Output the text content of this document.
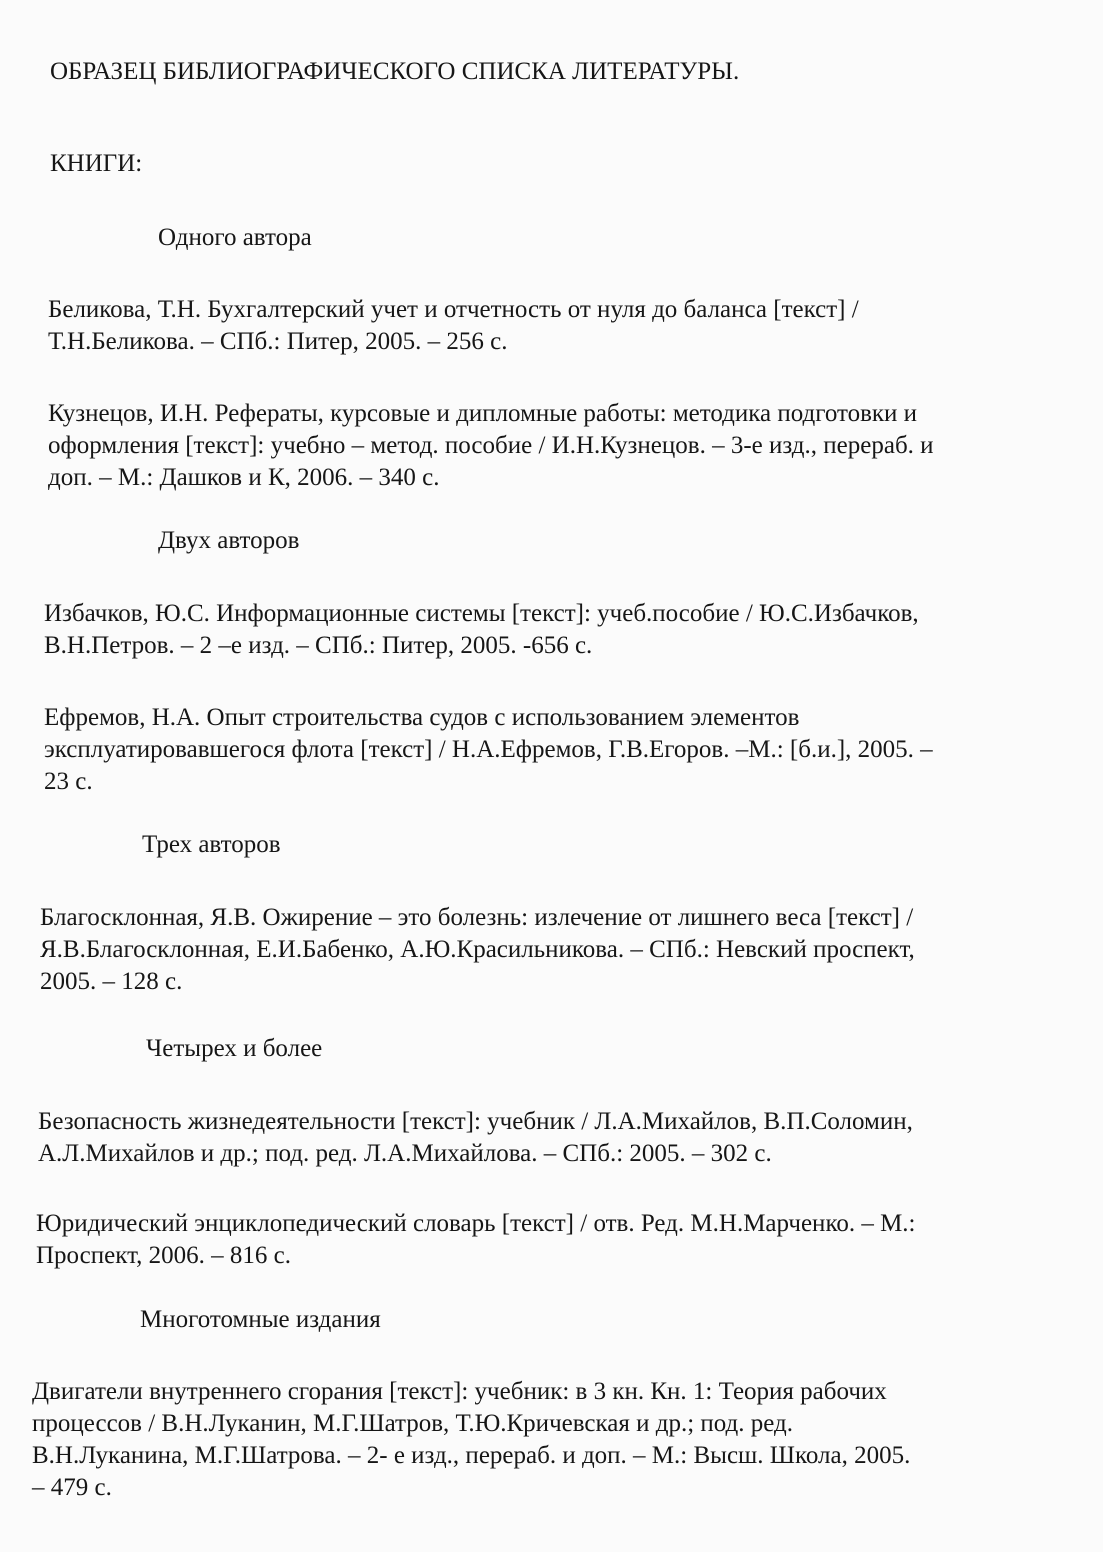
ОБРАЗЕЦ БИБЛИОГРАФИЧЕСКОГО СПИСКА ЛИТЕРАТУРЫ.
КНИГИ:
Одного автора
Беликова, Т.Н. Бухгалтерский учет и отчетность от нуля до баланса [текст] /
Т.Н.Беликова. – СПб.: Питер, 2005. – 256 с.
Кузнецов, И.Н. Рефераты, курсовые и дипломные работы: методика подготовки и
оформления [текст]: учебно – метод. пособие / И.Н.Кузнецов. – 3-е изд., перераб. и
доп. – М.: Дашков и К, 2006. – 340 с.
Двух авторов
Избачков, Ю.С. Информационные системы [текст]: учеб.пособие / Ю.С.Избачков,
В.Н.Петров. – 2 –е изд. – СПб.: Питер, 2005. -656 с.
Ефремов, Н.А. Опыт строительства судов с использованием элементов
эксплуатировавшегося флота [текст] / Н.А.Ефремов, Г.В.Егоров. –М.: [б.и.], 2005. –
23 с.
Трех авторов
Благосклонная, Я.В. Ожирение – это болезнь: излечение от лишнего веса [текст] /
Я.В.Благосклонная, Е.И.Бабенко, А.Ю.Красильникова. – СПб.: Невский проспект,
2005. – 128 с.
Четырех и более
Безопасность жизнедеятельности [текст]: учебник / Л.А.Михайлов, В.П.Соломин,
А.Л.Михайлов и др.; под. ред. Л.А.Михайлова. – СПб.: 2005. – 302 с.
Юридический энциклопедический словарь [текст] / отв. Ред. М.Н.Марченко. – М.:
Проспект, 2006. – 816 с.
Многотомные издания
Двигатели внутреннего сгорания [текст]: учебник: в 3 кн. Кн. 1: Теория рабочих
процессов / В.Н.Луканин, М.Г.Шатров, Т.Ю.Кричевская и др.; под. ред.
В.Н.Луканина, М.Г.Шатрова. – 2- е изд., перераб. и доп. – М.: Высш. Школа, 2005.
– 479 с.
